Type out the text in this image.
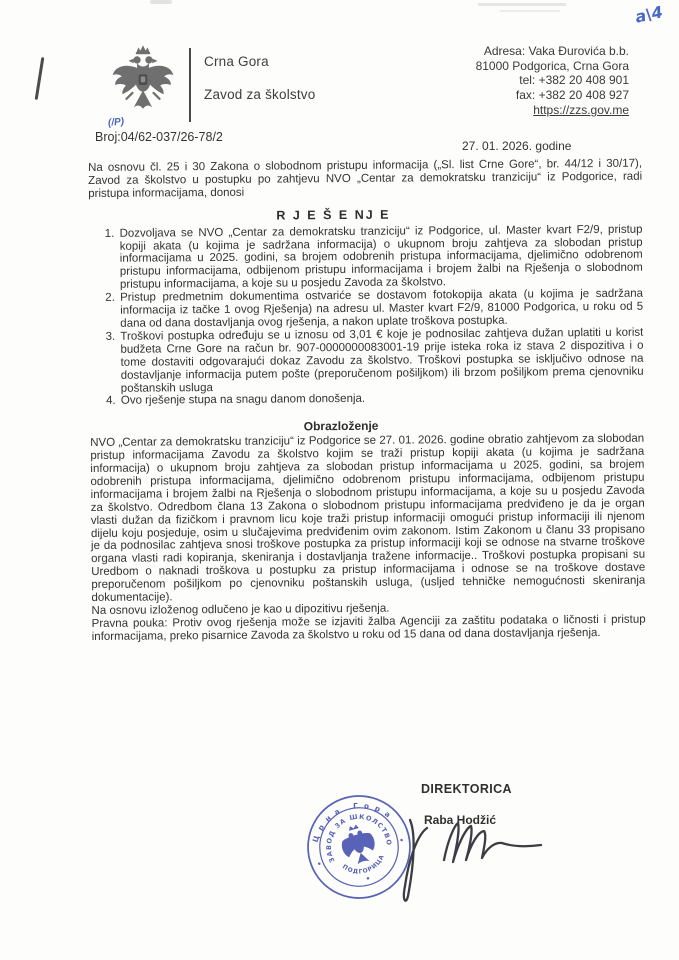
a\4
(/P)
Crna Gora
Zavod za školstvo
Adresa: Vaka Đurovića b.b.
81000 Podgorica, Crna Gora
tel: +382 20 408 901
fax: +382 20 408 927
https://zzs.gov.me
Broj:04/62-037/26-78/2
27. 01. 2026. godine

Na osnovu čl. 25 i 30 Zakona o slobodnom pristupu informacija („Sl. list Crne Gore“, br. 44/12 i 30/17), Zavod za školstvo u postupku po zahtjevu NVO „Centar za demokratsku tranziciju“ iz Podgorice, radi pristupa informacijama, donosi

R J E Š E NJ E
1. Dozvoljava se NVO „Centar za demokratsku tranziciju“ iz Podgorice, ul. Master kvart F2/9, pristup kopiji akata (u kojima je sadržana informacija) o ukupnom broju zahtjeva za slobodan pristup informacijama u 2025. godini, sa brojem odobrenih pristupa informacijama, djelimično odobrenom pristupu informacijama, odbijenom pristupu informacijama i brojem žalbi na Rješenja o slobodnom pristupu informacijama, a koje su u posjedu Zavoda za školstvo.
2. Pristup predmetnim dokumentima ostvariće se dostavom fotokopija akata (u kojima je sadržana informacija iz tačke 1 ovog Rješenja) na adresu ul. Master kvart F2/9, 81000 Podgorica, u roku od 5 dana od dana dostavljanja ovog rješenja, a nakon uplate troškova postupka.
3. Troškovi postupka određuju se u iznosu od 3,01 € koje je podnosilac zahtjeva dužan uplatiti u korist budžeta Crne Gore na račun br. 907-0000000083001-19 prije isteka roka iz stava 2 dispozitiva i o tome dostaviti odgovarajući dokaz Zavodu za školstvo. Troškovi postupka se isključivo odnose na dostavljanje informacija putem pošte (preporučenom pošiljkom) ili brzom pošiljkom prema cjenovniku poštanskih usluga
4. Ovo rješenje stupa na snagu danom donošenja.
Obrazloženje

NVO „Centar za demokratsku tranziciju“ iz Podgorice se 27. 01. 2026. godine obratio zahtjevom za slobodan pristup informacijama Zavodu za školstvo kojim se traži pristup kopiji akata (u kojima je sadržana informacija) o ukupnom broju zahtjeva za slobodan pristup informacijama u 2025. godini, sa brojem odobrenih pristupa informacijama, djelimično odobrenom pristupu informacijama, odbijenom pristupu informacijama i brojem žalbi na Rješenja o slobodnom pristupu informacijama, a koje su u posjedu Zavoda za školstvo. Odredbom člana 13 Zakona o slobodnom pristupu informacijama predviđeno je da je organ vlasti dužan da fizičkom i pravnom licu koje traži pristup informaciji omogući pristup informaciji ili njenom dijelu koju posjeduje, osim u slučajevima predviđenim ovim zakonom. Istim Zakonom u članu 33 propisano je da podnosilac zahtjeva snosi troškove postupka za pristup informaciji koji se odnose na stvarne troškove organa vlasti radi kopiranja, skeniranja i dostavljanja tražene informacije.. Troškovi postupka propisani su Uredbom o naknadi troškova u postupku za pristup informacijama i odnose se na troškove dostave preporučenom pošiljkom po cjenovniku poštanskih usluga, (usljed tehničke nemogućnosti skeniranja dokumentacije).

Na osnovu izloženog odlučeno je kao u dipozitivu rješenja.

Pravna pouka: Protiv ovog rješenja može se izjaviti žalba Agenciji za zaštitu podataka o ličnosti i pristup informacijama, preko pisarnice Zavoda za školstvo u roku od 15 dana od dana dostavljanja rješenja.

DIREKTORICA
Raba Hodžić
Црна Гора
ЗАВОД ЗА ШКОЛСТВО
ПОДГОРИЦА
